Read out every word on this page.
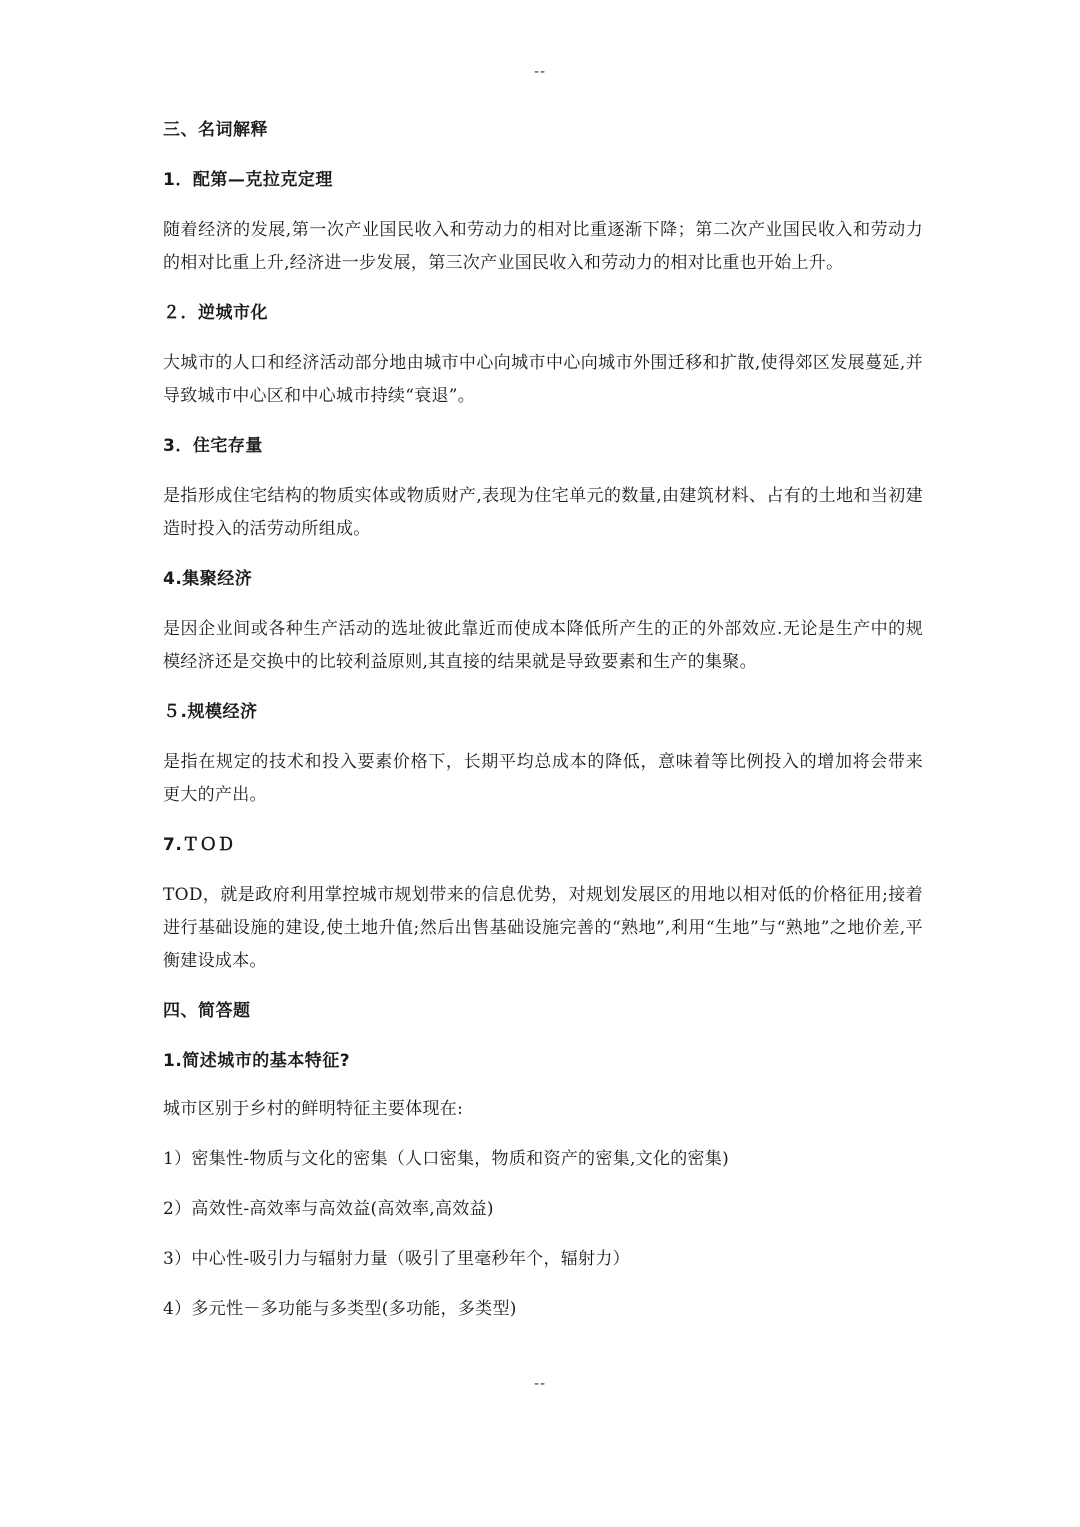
--
三、名词解释
1．配第—克拉克定理
随着经济的发展,第一次产业国民收入和劳动力的相对比重逐渐下降；第二次产业国民收入和劳动力的相对比重上升,经济进一步发展，第三次产业国民收入和劳动力的相对比重也开始上升。
２．逆城市化
大城市的人口和经济活动部分地由城市中心向城市中心向城市外围迁移和扩散,使得郊区发展蔓延,并导致城市中心区和中心城市持续“衰退”。
3．住宅存量
是指形成住宅结构的物质实体或物质财产,表现为住宅单元的数量,由建筑材料、占有的土地和当初建造时投入的活劳动所组成。
4.集聚经济
是因企业间或各种生产活动的选址彼此靠近而使成本降低所产生的正的外部效应.无论是生产中的规模经济还是交换中的比较利益原则,其直接的结果就是导致要素和生产的集聚。
５.规模经济
是指在规定的技术和投入要素价格下，长期平均总成本的降低，意味着等比例投入的增加将会带来更大的产出。
7.ＴＯＤ
TOD，就是政府利用掌控城市规划带来的信息优势，对规划发展区的用地以相对低的价格征用;接着进行基础设施的建设,使土地升值;然后出售基础设施完善的“熟地”,利用“生地”与“熟地”之地价差,平衡建设成本。
四、简答题
1.简述城市的基本特征?
城市区别于乡村的鲜明特征主要体现在:
1）密集性-物质与文化的密集（人口密集，物质和资产的密集,文化的密集)
2）高效性-高效率与高效益(高效率,高效益)
3）中心性-吸引力与辐射力量（吸引了里毫秒年个，辐射力）
4）多元性－多功能与多类型(多功能，多类型)
--
